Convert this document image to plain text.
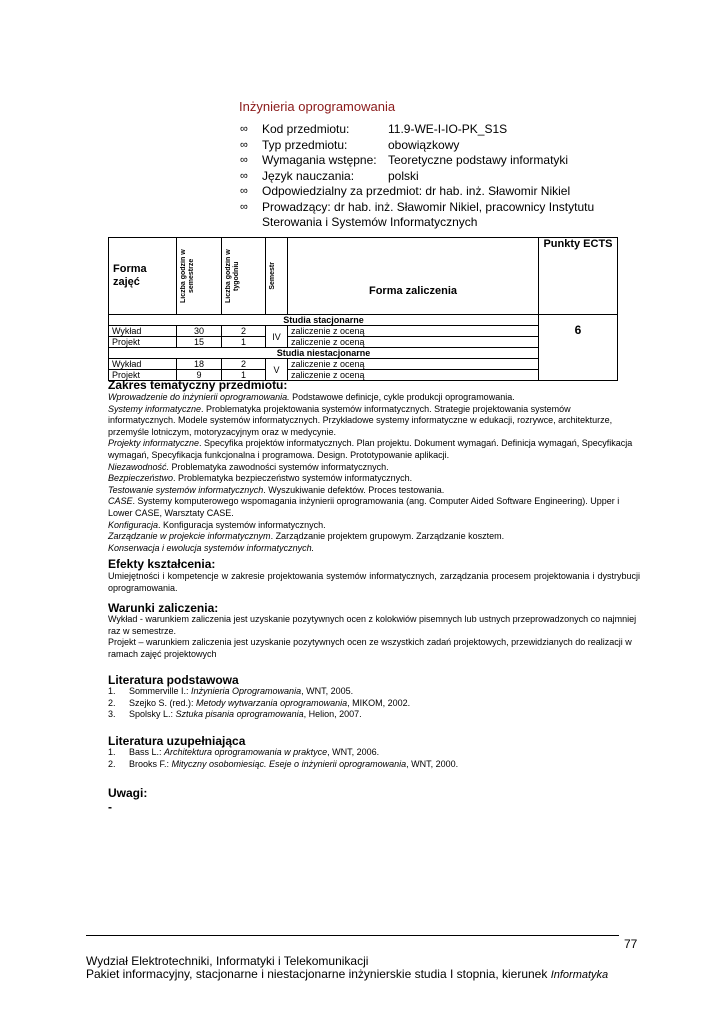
Inżynieria oprogramowania
∞ Kod przedmiotu:	11.9-WE-I-IO-PK_S1S
∞ Typ przedmiotu:	obowiązkowy
∞ Wymagania wstępne: Teoretyczne podstawy informatyki
∞ Język nauczania:	polski
∞ Odpowiedzialny za przedmiot: dr hab. inż. Sławomir Nikiel
∞ Prowadzący: dr hab. inż. Sławomir Nikiel, pracownicy Instytutu Sterowania i Systemów Informatycznych
Forma zajęć	Liczba godzin w semestrze	Liczba godzin w tygodniu	Semestr	Forma zaliczenia	Punkty ECTS
Studia stacjonarne					6
Wykład	30	2	IV	zaliczenie z oceną	
Projekt	15	1		zaliczenie z oceną	
Studia niestacjonarne					
Wykład	18	2	V	zaliczenie z oceną	
Projekt	9	1		zaliczenie z oceną	
Zakres tematyczny przedmiotu:
Wprowadzenie do inżynierii oprogramowania. Podstawowe definicje, cykle produkcji oprogramowania.
Systemy informatyczne. Problematyka projektowania systemów informatycznych. Strategie projektowania systemów informatycznych. Modele systemów informatycznych. Przykładowe systemy informatyczne w edukacji, rozrywce, architekturze, przemyśle lotniczym, motoryzacyjnym oraz w medycynie.
Projekty informatyczne. Specyfika projektów informatycznych. Plan projektu. Dokument wymagań. Definicja wymagań, Specyfikacja wymagań, Specyfikacja funkcjonalna i programowa. Design. Prototypowanie aplikacji.
Niezawodność. Problematyka zawodności systemów informatycznych.
Bezpieczeństwo. Problematyka bezpieczeństwo systemów informatycznych.
Testowanie systemów informatycznych. Wyszukiwanie defektów. Proces testowania.
CASE. Systemy komputerowego wspomagania inżynierii oprogramowania (ang. Computer Aided Software Engineering). Upper i Lower CASE, Warsztaty CASE.
Konfiguracja. Konfiguracja systemów informatycznych.
Zarządzanie w projekcie informatycznym. Zarządzanie projektem grupowym. Zarządzanie kosztem.
Konserwacja i ewolucja systemów informatycznych.
Efekty kształcenia:
Umiejętności i kompetencje w zakresie projektowania systemów informatycznych, zarządzania procesem projektowania i dystrybucji oprogramowania.
Warunki zaliczenia:
Wykład - warunkiem zaliczenia jest uzyskanie pozytywnych ocen z kolokwiów pisemnych lub ustnych przeprowadzonych co najmniej raz w semestrze.
Projekt – warunkiem zaliczenia jest uzyskanie pozytywnych ocen ze wszystkich zadań projektowych, przewidzianych do realizacji w ramach zajęć projektowych
Literatura podstawowa
1. Sommerville I.: Inżynieria Oprogramowania, WNT, 2005.
2. Szejko S. (red.): Metody wytwarzania oprogramowania, MIKOM, 2002.
3. Spolsky L.: Sztuka pisania oprogramowania, Helion, 2007.
Literatura uzupełniająca
1. Bass L.: Architektura oprogramowania w praktyce, WNT, 2006.
2. Brooks F.: Mityczny osobomiesiąc. Eseje o inżynierii oprogramowania, WNT, 2000.
Uwagi:
-
77
Wydział Elektrotechniki, Informatyki i Telekomunikacji
Pakiet informacyjny, stacjonarne i niestacjonarne inżynierskie studia I stopnia, kierunek Informatyka
